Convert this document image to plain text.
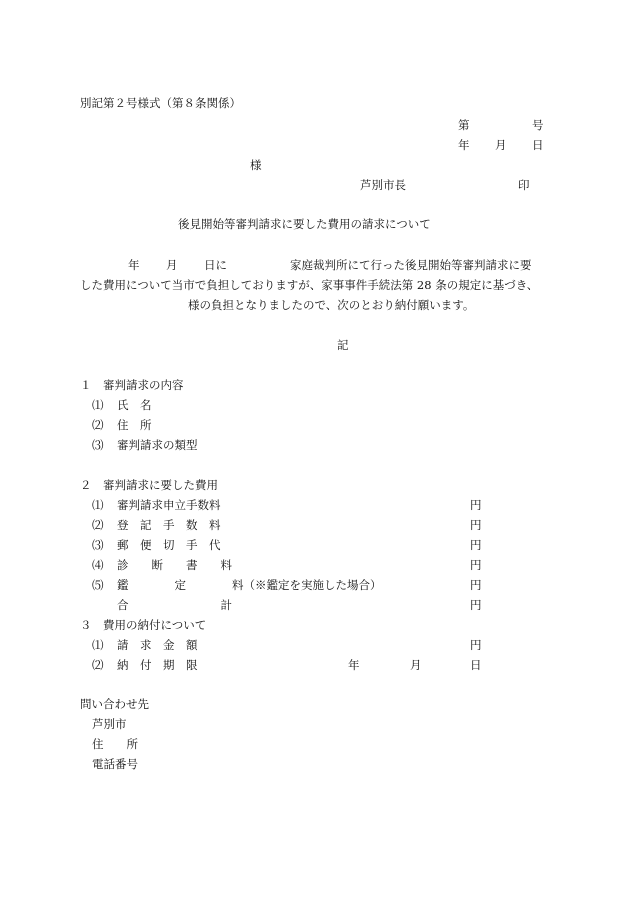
別記第２号様式（第８条関係）
第	号
年 月 日
様
芦別市長	印
後見開始等審判請求に要した費用の請求について
年 月 日に	家庭裁判所にて行った後見開始等審判請求に要
した費用について当市で負担しておりますが、家事事件手続法第 28 条の規定に基づき、
様の負担となりましたので、次のとおり納付願います。
記
１　審判請求の内容
⑴ 氏　名
⑵ 住　所
⑶ 審判請求の類型
２　審判請求に要した費用
⑴ 審判請求申立手数料	円
⑵ 登　記　手　数　料	円
⑶ 郵　便　切　手　代	円
⑷ 診　　断　　書　　料	円
⑸ 鑑　　　　定　　　　料（※鑑定を実施した場合）	円
合　　　　　　　　計	円
３　費用の納付について
⑴ 請　求　金　額	円
⑵ 納　付　期　限	年	月	日
問い合わせ先
芦別市
住　　所
電話番号
